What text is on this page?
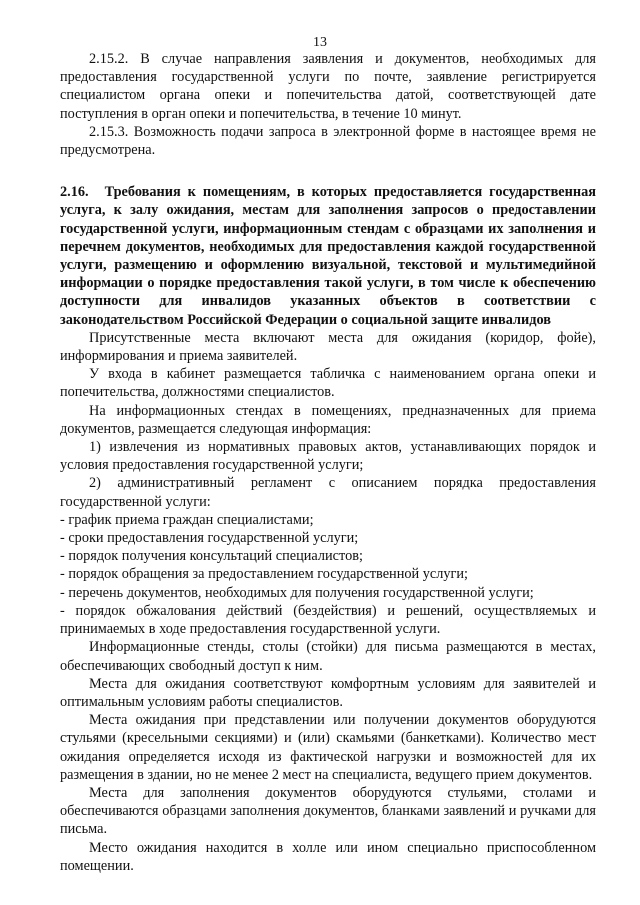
13

2.15.2. В случае направления заявления и документов, необходимых для предоставления государственной услуги по почте, заявление регистрируется специалистом органа опеки и попечительства датой, соответствующей дате поступления в орган опеки и попечительства, в течение 10 минут.

2.15.3. Возможность подачи запроса в электронной форме в настоящее время не предусмотрена.

2.16. Требования к помещениям, в которых предоставляется государственная услуга, к залу ожидания, местам для заполнения запросов о предоставлении государственной услуги, информационным стендам с образцами их заполнения и перечнем документов, необходимых для предоставления каждой государственной услуги, размещению и оформлению визуальной, текстовой и мультимедийной информации о порядке предоставления такой услуги, в том числе к обеспечению доступности для инвалидов указанных объектов в соответствии с законодательством Российской Федерации о социальной защите инвалидов

Присутственные места включают места для ожидания (коридор, фойе), информирования и приема заявителей.

У входа в кабинет размещается табличка с наименованием органа опеки и попечительства, должностями специалистов.

На информационных стендах в помещениях, предназначенных для приема документов, размещается следующая информация:

1) извлечения из нормативных правовых актов, устанавливающих порядок и условия предоставления государственной услуги;

2) административный регламент с описанием порядка предоставления государственной услуги:

- график приема граждан специалистами;

- сроки предоставления государственной услуги;

- порядок получения консультаций специалистов;

- порядок обращения за предоставлением государственной услуги;

- перечень документов, необходимых для получения государственной услуги;

- порядок обжалования действий (бездействия) и решений, осуществляемых и принимаемых в ходе предоставления государственной услуги.

Информационные стенды, столы (стойки) для письма размещаются в местах, обеспечивающих свободный доступ к ним.

Места для ожидания соответствуют комфортным условиям для заявителей и оптимальным условиям работы специалистов.

Места ожидания при представлении или получении документов оборудуются стульями (кресельными секциями) и (или) скамьями (банкетками). Количество мест ожидания определяется исходя из фактической нагрузки и возможностей для их размещения в здании, но не менее 2 мест на специалиста, ведущего прием документов.

Места для заполнения документов оборудуются стульями, столами и обеспечиваются образцами заполнения документов, бланками заявлений и ручками для письма.

Место ожидания находится в холле или ином специально приспособленном помещении.
